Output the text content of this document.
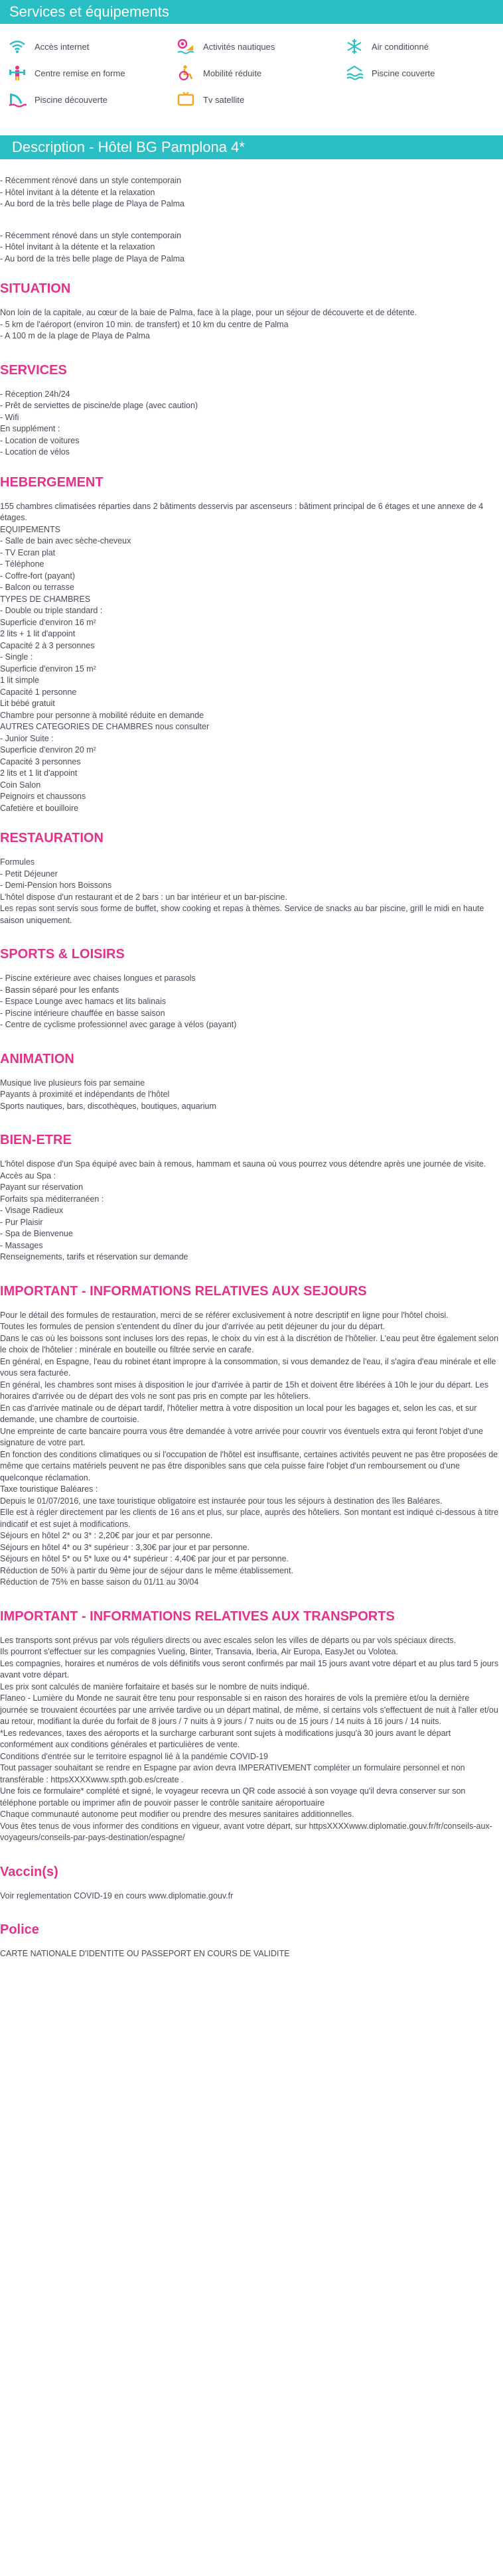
Services et équipements
Accès internet	Activités nautiques	Air conditionné
Centre remise en forme	Mobilité réduite	Piscine couverte
Piscine découverte	Tv satellite
Description - Hôtel BG Pamplona 4*

- Récemment rénové dans un style contemporain
- Hôtel invitant à la détente et la relaxation
- Au bord de la très belle plage de Playa de Palma

- Récemment rénové dans un style contemporain
- Hôtel invitant à la détente et la relaxation
- Au bord de la très belle plage de Playa de Palma

SITUATION

Non loin de la capitale, au cœur de la baie de Palma, face à la plage, pour un séjour de découverte et de détente.
- 5 km de l'aéroport (environ 10 min. de transfert) et 10 km du centre de Palma
- A 100 m de la plage de Playa de Palma

SERVICES

- Réception 24h/24
- Prêt de serviettes de piscine/de plage (avec caution)
- Wifi
En supplément :
- Location de voitures
- Location de vélos

HEBERGEMENT

155 chambres climatisées réparties dans 2 bâtiments desservis par ascenseurs : bâtiment principal de 6 étages et une annexe de 4 étages.
EQUIPEMENTS
- Salle de bain avec sèche-cheveux
- TV Ecran plat
- Téléphone
- Coffre-fort (payant)
- Balcon ou terrasse
TYPES DE CHAMBRES
- Double ou triple standard :
Superficie d'environ 16 m²
2 lits + 1 lit d'appoint
Capacité 2 à 3 personnes
- Single :
Superficie d'environ 15 m²
1 lit simple
Capacité 1 personne
Lit bébé gratuit
Chambre pour personne à mobilité réduite en demande
AUTRES CATEGORIES DE CHAMBRES nous consulter
- Junior Suite :
Superficie d'environ 20 m²
Capacité 3 personnes
2 lits et 1 lit d'appoint
Coin Salon
Peignoirs et chaussons
Cafetière et bouilloire

RESTAURATION

Formules
- Petit Déjeuner
- Demi-Pension hors Boissons
L'hôtel dispose d'un restaurant et de 2 bars : un bar intérieur et un bar-piscine.
Les repas sont servis sous forme de buffet, show cooking et repas à thèmes. Service de snacks au bar piscine, grill le midi en haute saison uniquement.

SPORTS & LOISIRS

- Piscine extérieure avec chaises longues et parasols
- Bassin séparé pour les enfants
- Espace Lounge avec hamacs et lits balinais
- Piscine intérieure chauffée en basse saison
- Centre de cyclisme professionnel avec garage à vélos (payant)

ANIMATION

Musique live plusieurs fois par semaine
Payants à proximité et indépendants de l'hôtel
Sports nautiques, bars, discothèques, boutiques, aquarium

BIEN-ETRE

L'hôtel dispose d'un Spa équipé avec bain à remous, hammam et sauna où vous pourrez vous détendre après une journée de visite.
Accès au Spa :
Payant sur réservation
Forfaits spa méditerranéen :
- Visage Radieux
- Pur Plaisir
- Spa de Bienvenue
- Massages
Renseignements, tarifs et réservation sur demande

IMPORTANT - INFORMATIONS RELATIVES AUX SEJOURS

Pour le détail des formules de restauration, merci de se référer exclusivement à notre descriptif en ligne pour l'hôtel choisi.
Toutes les formules de pension s'entendent du dîner du jour d'arrivée au petit déjeuner du jour du départ.
Dans le cas où les boissons sont incluses lors des repas, le choix du vin est à la discrétion de l'hôtelier. L'eau peut être également selon le choix de l'hôtelier : minérale en bouteille ou filtrée servie en carafe.
En général, en Espagne, l'eau du robinet étant impropre à la consommation, si vous demandez de l'eau, il s'agira d'eau minérale et elle vous sera facturée.
En général, les chambres sont mises à disposition le jour d'arrivée à partir de 15h et doivent être libérées à 10h le jour du départ. Les horaires d'arrivée ou de départ des vols ne sont pas pris en compte par les hôteliers.
En cas d'arrivée matinale ou de départ tardif, l'hôtelier mettra à votre disposition un local pour les bagages et, selon les cas, et sur demande, une chambre de courtoisie.
Une empreinte de carte bancaire pourra vous être demandée à votre arrivée pour couvrir vos éventuels extra qui feront l'objet d'une signature de votre part.
En fonction des conditions climatiques ou si l'occupation de l'hôtel est insuffisante, certaines activités peuvent ne pas être proposées de même que certains matériels peuvent ne pas être disponibles sans que cela puisse faire l'objet d'un remboursement ou d'une quelconque réclamation.
Taxe touristique Baléares :
Depuis le 01/07/2016, une taxe touristique obligatoire est instaurée pour tous les séjours à destination des îles Baléares.
Elle est à régler directement par les clients de 16 ans et plus, sur place, auprès des hôteliers. Son montant est indiqué ci-dessous à titre indicatif et est sujet à modifications.
Séjours en hôtel 2* ou 3* : 2,20€ par jour et par personne.
Séjours en hôtel 4* ou 3* supérieur : 3,30€ par jour et par personne.
Séjours en hôtel 5* ou 5* luxe ou 4* supérieur : 4,40€ par jour et par personne.
Réduction de 50% à partir du 9ème jour de séjour dans le même établissement.
Réduction de 75% en basse saison du 01/11 au 30/04

IMPORTANT - INFORMATIONS RELATIVES AUX TRANSPORTS

Les transports sont prévus par vols réguliers directs ou avec escales selon les villes de départs ou par vols spéciaux directs.
Ils pourront s'effectuer sur les compagnies Vueling, Binter, Transavia, Iberia, Air Europa, EasyJet ou Volotea.
Les compagnies, horaires et numéros de vols définitifs vous seront confirmés par mail 15 jours avant votre départ et au plus tard 5 jours avant votre départ.
Les prix sont calculés de manière forfaitaire et basés sur le nombre de nuits indiqué.
Flaneo - Lumière du Monde ne saurait être tenu pour responsable si en raison des horaires de vols la première et/ou la dernière journée se trouvaient écourtées par une arrivée tardive ou un départ matinal, de même, si certains vols s'effectuent de nuit à l'aller et/ou au retour, modifiant la durée du forfait de 8 jours / 7 nuits à 9 jours / 7 nuits ou de 15 jours / 14 nuits à 16 jours / 14 nuits.
*Les redevances, taxes des aéroports et la surcharge carburant sont sujets à modifications jusqu'à 30 jours avant le départ conformément aux conditions générales et particulières de vente.
Conditions d'entrée sur le territoire espagnol lié à la pandémie COVID-19
Tout passager souhaitant se rendre en Espagne par avion devra IMPERATIVEMENT compléter un formulaire personnel et non transférable : httpsXXXXwww.spth.gob.es/create .
Une fois ce formulaire* complété et signé, le voyageur recevra un QR code associé à son voyage qu'il devra conserver sur son téléphone portable ou imprimer afin de pouvoir passer le contrôle sanitaire aéroportuaire
Chaque communauté autonome peut modifier ou prendre des mesures sanitaires additionnelles.
Vous êtes tenus de vous informer des conditions en vigueur, avant votre départ, sur httpsXXXXwww.diplomatie.gouv.fr/fr/conseils-aux-voyageurs/conseils-par-pays-destination/espagne/

Vaccin(s)

Voir reglementation COVID-19 en cours www.diplomatie.gouv.fr

Police

CARTE NATIONALE D'IDENTITE OU PASSEPORT EN COURS DE VALIDITE
